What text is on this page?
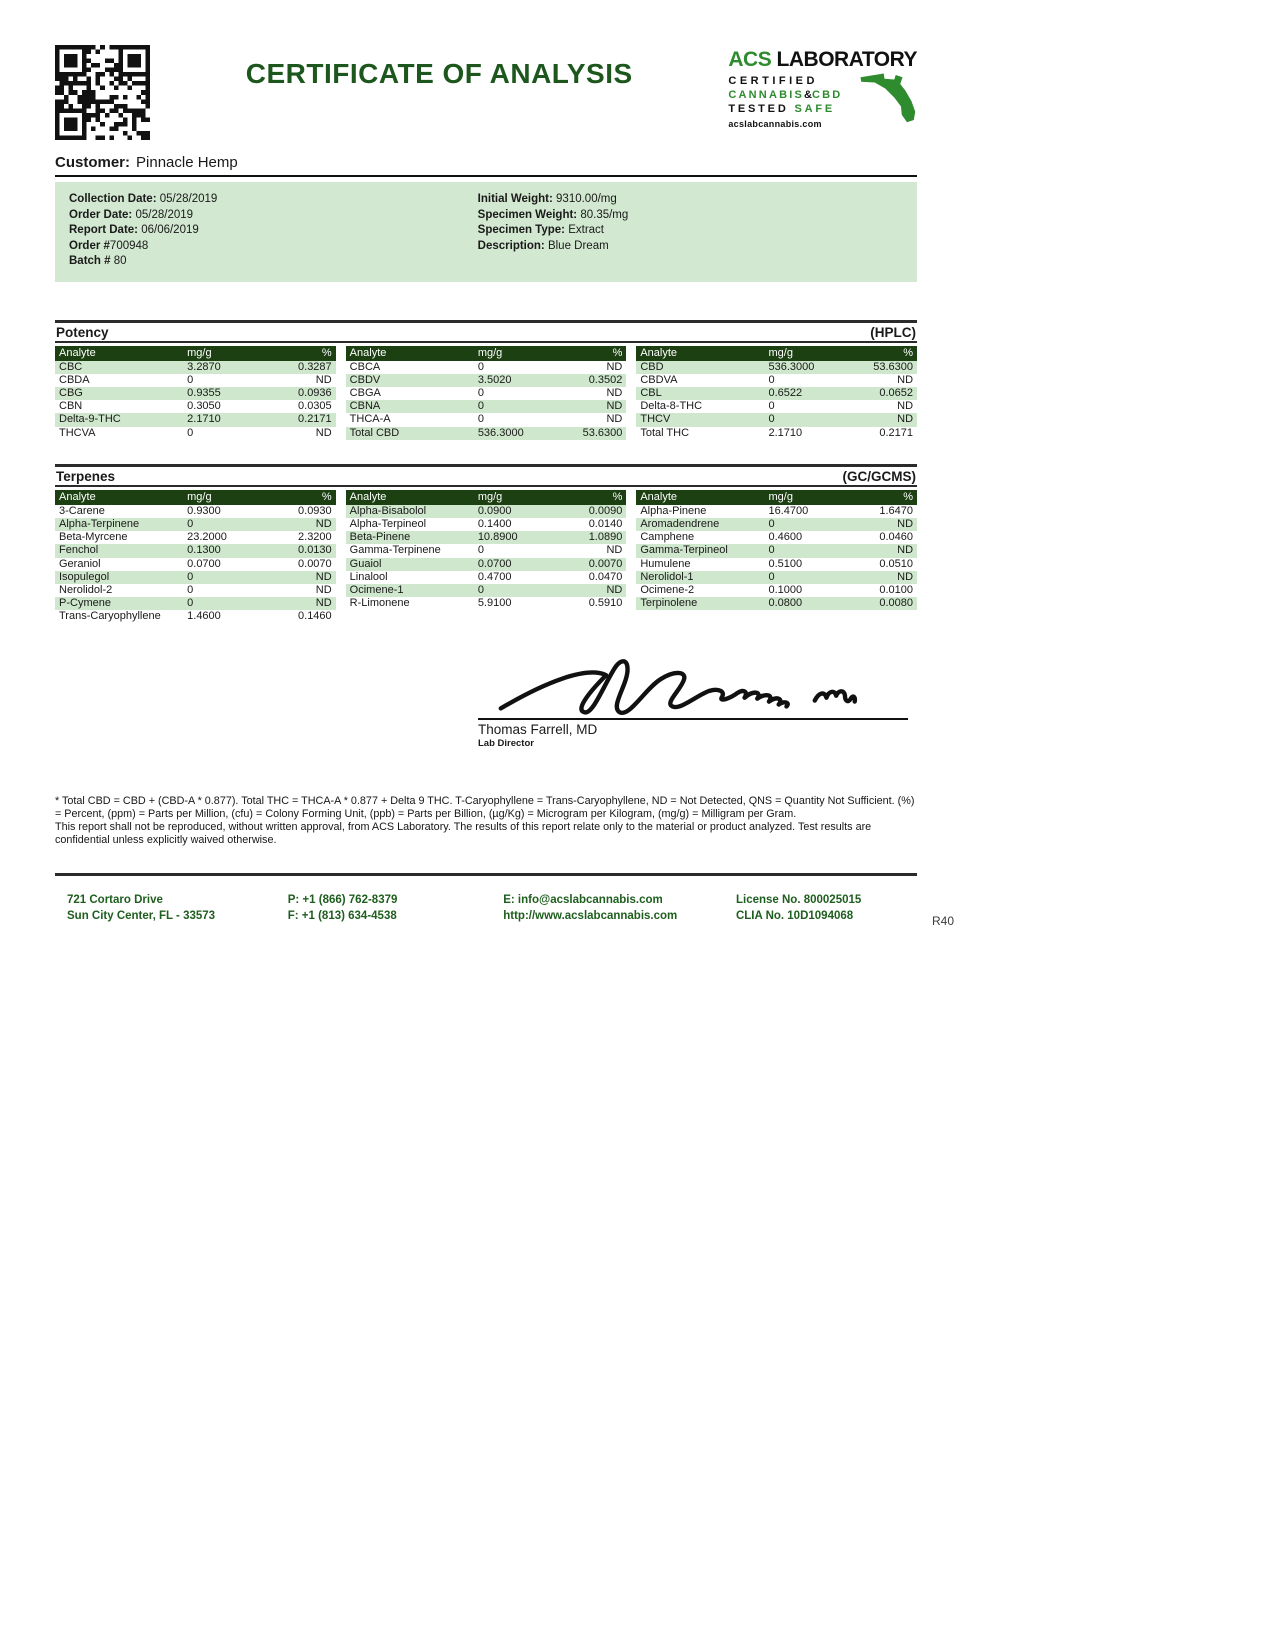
CERTIFICATE OF ANALYSIS	ACS LABORATORY
CERTIFIED
CANNABIS&CBD
TESTED SAFE
acslabcannabis.com
Customer: Pinnacle Hemp
Collection Date: 05/28/2019
Order Date: 05/28/2019
Report Date: 06/06/2019
Order #700948
Batch # 80
Initial Weight: 9310.00/mg
Specimen Weight: 80.35/mg
Specimen Type: Extract
Description: Blue Dream
Potency	(HPLC)
Analyte	mg/g	%
CBC	3.2870	0.3287
CBDA	0	ND
CBG	0.9355	0.0936
CBN	0.3050	0.0305
Delta-9-THC	2.1710	0.2171
THCVA	0	ND
Analyte	mg/g	%
CBCA	0	ND
CBDV	3.5020	0.3502
CBGA	0	ND
CBNA	0	ND
THCA-A	0	ND
Total CBD	536.3000	53.6300
Analyte	mg/g	%
CBD	536.3000	53.6300
CBDVA	0	ND
CBL	0.6522	0.0652
Delta-8-THC	0	ND
THCV	0	ND
Total THC	2.1710	0.2171
Terpenes	(GC/GCMS)
Analyte	mg/g	%
3-Carene	0.9300	0.0930
Alpha-Terpinene	0	ND
Beta-Myrcene	23.2000	2.3200
Fenchol	0.1300	0.0130
Geraniol	0.0700	0.0070
Isopulegol	0	ND
Nerolidol-2	0	ND
P-Cymene	0	ND
Trans-Caryophyllene	1.4600	0.1460
Analyte	mg/g	%
Alpha-Bisabolol	0.0900	0.0090
Alpha-Terpineol	0.1400	0.0140
Beta-Pinene	10.8900	1.0890
Gamma-Terpinene	0	ND
Guaiol	0.0700	0.0070
Linalool	0.4700	0.0470
Ocimene-1	0	ND
R-Limonene	5.9100	0.5910
Analyte	mg/g	%
Alpha-Pinene	16.4700	1.6470
Aromadendrene	0	ND
Camphene	0.4600	0.0460
Gamma-Terpineol	0	ND
Humulene	0.5100	0.0510
Nerolidol-1	0	ND
Ocimene-2	0.1000	0.0100
Terpinolene	0.0800	0.0080
Thomas Farrell, MD
Lab Director

* Total CBD = CBD + (CBD-A * 0.877). Total THC = THCA-A * 0.877 + Delta 9 THC. T-Caryophyllene = Trans-Caryophyllene, ND = Not Detected, QNS = Quantity Not Sufficient. (%) = Percent, (ppm) = Parts per Million, (cfu) = Colony Forming Unit, (ppb) = Parts per Billion, (µg/Kg) = Microgram per Kilogram, (mg/g) = Milligram per Gram.

This report shall not be reproduced, without written approval, from ACS Laboratory. The results of this report relate only to the material or product analyzed. Test results are confidential unless explicitly waived otherwise.

721 Cortaro Drive
Sun City Center, FL - 33573
P: +1 (866) 762-8379
F: +1 (813) 634-4538
E: info@acslabcannabis.com
http://www.acslabcannabis.com
License No. 800025015
CLIA No. 10D1094068	R40
